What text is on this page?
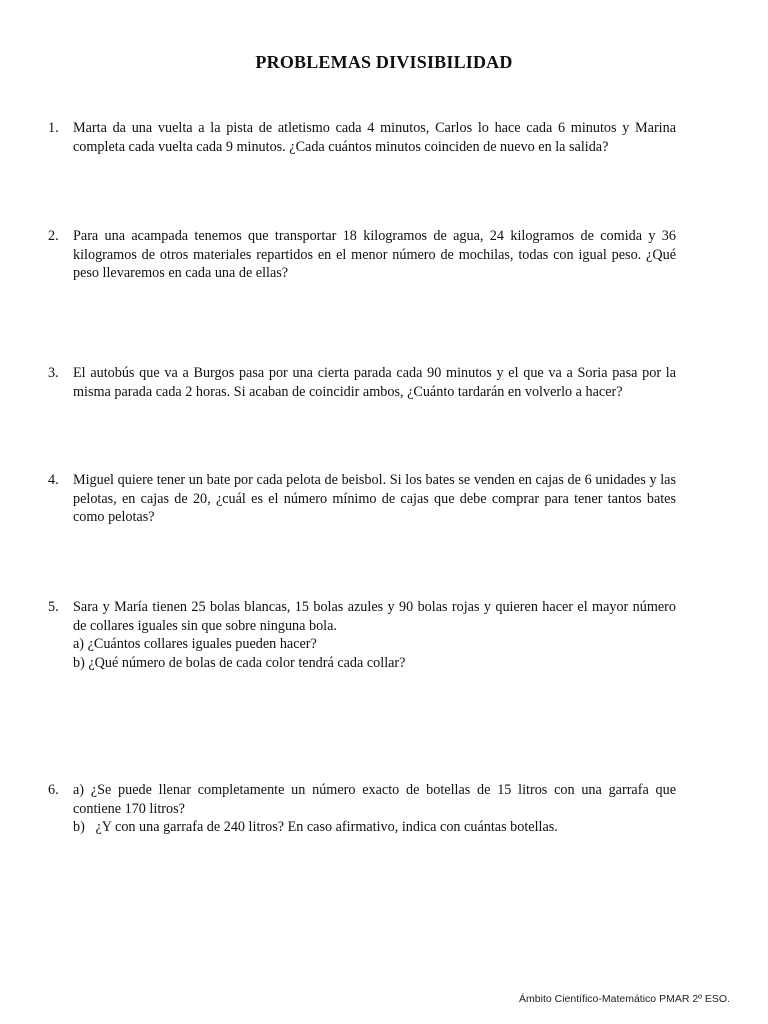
PROBLEMAS DIVISIBILIDAD
1.	Marta da una vuelta a la pista de atletismo cada 4 minutos, Carlos lo hace cada 6 minutos y Marina completa cada vuelta cada 9 minutos. ¿Cada cuántos minutos coinciden de nuevo en la salida?
2.	Para una acampada tenemos que transportar 18 kilogramos de agua, 24 kilogramos de comida y 36 kilogramos de otros materiales repartidos en el menor número de mochilas, todas con igual peso. ¿Qué peso llevaremos en cada una de ellas?
3.	El autobús que va a Burgos pasa por una cierta parada cada 90 minutos y el que va a Soria pasa por la misma parada cada 2 horas. Si acaban de coincidir ambos, ¿Cuánto tardarán en volverlo a hacer?
4.	Miguel quiere tener un bate por cada pelota de beisbol. Si los bates se venden en cajas de 6 unidades y las pelotas, en cajas de 20, ¿cuál es el número mínimo de cajas que debe comprar para tener tantos bates como pelotas?
5.	Sara y María tienen 25 bolas blancas, 15 bolas azules y 90 bolas rojas y quieren hacer el mayor número de collares iguales sin que sobre ninguna bola.
a) ¿Cuántos collares iguales pueden hacer?
b) ¿Qué número de bolas de cada color tendrá cada collar?
6.	a) ¿Se puede llenar completamente un número exacto de botellas de 15 litros con una garrafa que contiene 170 litros?
b)   ¿Y con una garrafa de 240 litros? En caso afirmativo, indica con cuántas botellas.
Ámbito Científico-Matemático PMAR 2º ESO.
